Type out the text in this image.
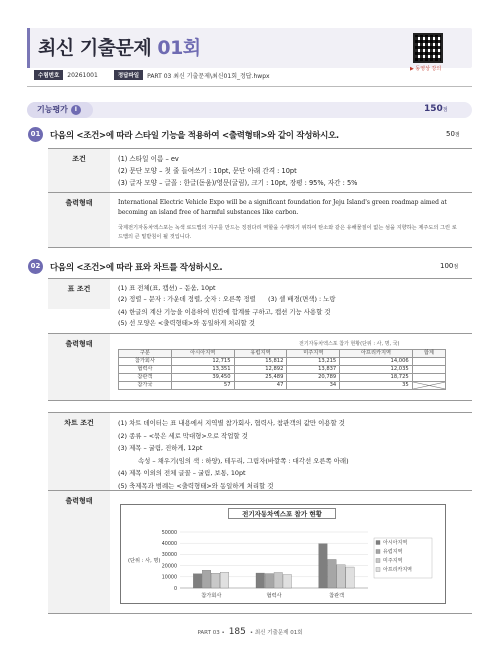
최신 기출문제 01회
▶ 동영상 강의
수험번호	20261001	정답파일	PART 03 최신 기출문제\최신01회_정답.hwpx
기능평가 I	150점
01	다음의 <조건>에 따라 스타일 기능을 적용하여 <출력형태>와 같이 작성하시오.	50점
조건	(1) 스타일 이름 – ev
(2) 문단 모양 – 첫 줄 들여쓰기 : 10pt, 문단 아래 간격 : 10pt
(3) 글자 모양 – 글꼴 : 한글(돋움)/영문(굴림), 크기 : 10pt, 장평 : 95%, 자간 : 5%
출력형태	International Electric Vehicle Expo will be a significant foundation for Jeju Island's green roadmap aimed at becoming an island free of harmful substances like carbon.
국제전기자동차엑스포는 녹색 로드맵의 지구를 만드는 징검다리 역할을 수행하기 위하여 탄소와 같은 유해물질이 없는 섬을 지향하는 제주도의 그린 로드맵의 큰 밑받침이 될 것입니다.
02	다음의 <조건>에 따라 표와 차트를 작성하시오.	100점
표 조건	(1) 표 전체(표, 캡션) – 돋움, 10pt
(2) 정렬 – 문자 : 가운데 정렬, 숫자 : 오른쪽 정렬 (3) 셀 배경(면색) : 노랑
(4) 한글의 계산 기능을 이용하여 빈칸에 합계를 구하고, 캡션 기능 사용할 것
(5) 선 모양은 <출력형태>와 동일하게 처리할 것
출력형태	전기자동차엑스포 참가 현황(단위 : 사, 명, 국)
구분	아시아지역	유럽지역	미주지역	아프리카지역	합계
참가회사	12,715	15,812	13,215	14,006	
협력사	13,351	12,892	13,837	12,035	
참관객	39,450	25,489	20,789	18,725	
참가국	57	47	34	35	
차트 조건	(1) 차트 데이터는 표 내용에서 지역별 참가회사, 협력사, 참관객의 값만 이용할 것
(2) 종류 – <묶은 세로 막대형>으로 작업할 것
(3) 제목 – 굴림, 진하게, 12pt
속성 – 채우기(임의 색 : 하양), 테두리, 그림자(바깥쪽 : 대각선 오른쪽 아래)
(4) 제목 이외의 전체 글꼴 – 굴림, 보통, 10pt
(5) 축제목과 범례는 <출력형태>와 동일하게 처리할 것
출력형태
(단위 : 사, 명)
0
10000
20000
30000
40000
50000
참가회사	협력사	참관객
아시아지역
유럽지역
미주지역
아프리카지역
전기자동차엑스포 참가 현황
PART 03 • 185 • 최신 기출문제 01회
